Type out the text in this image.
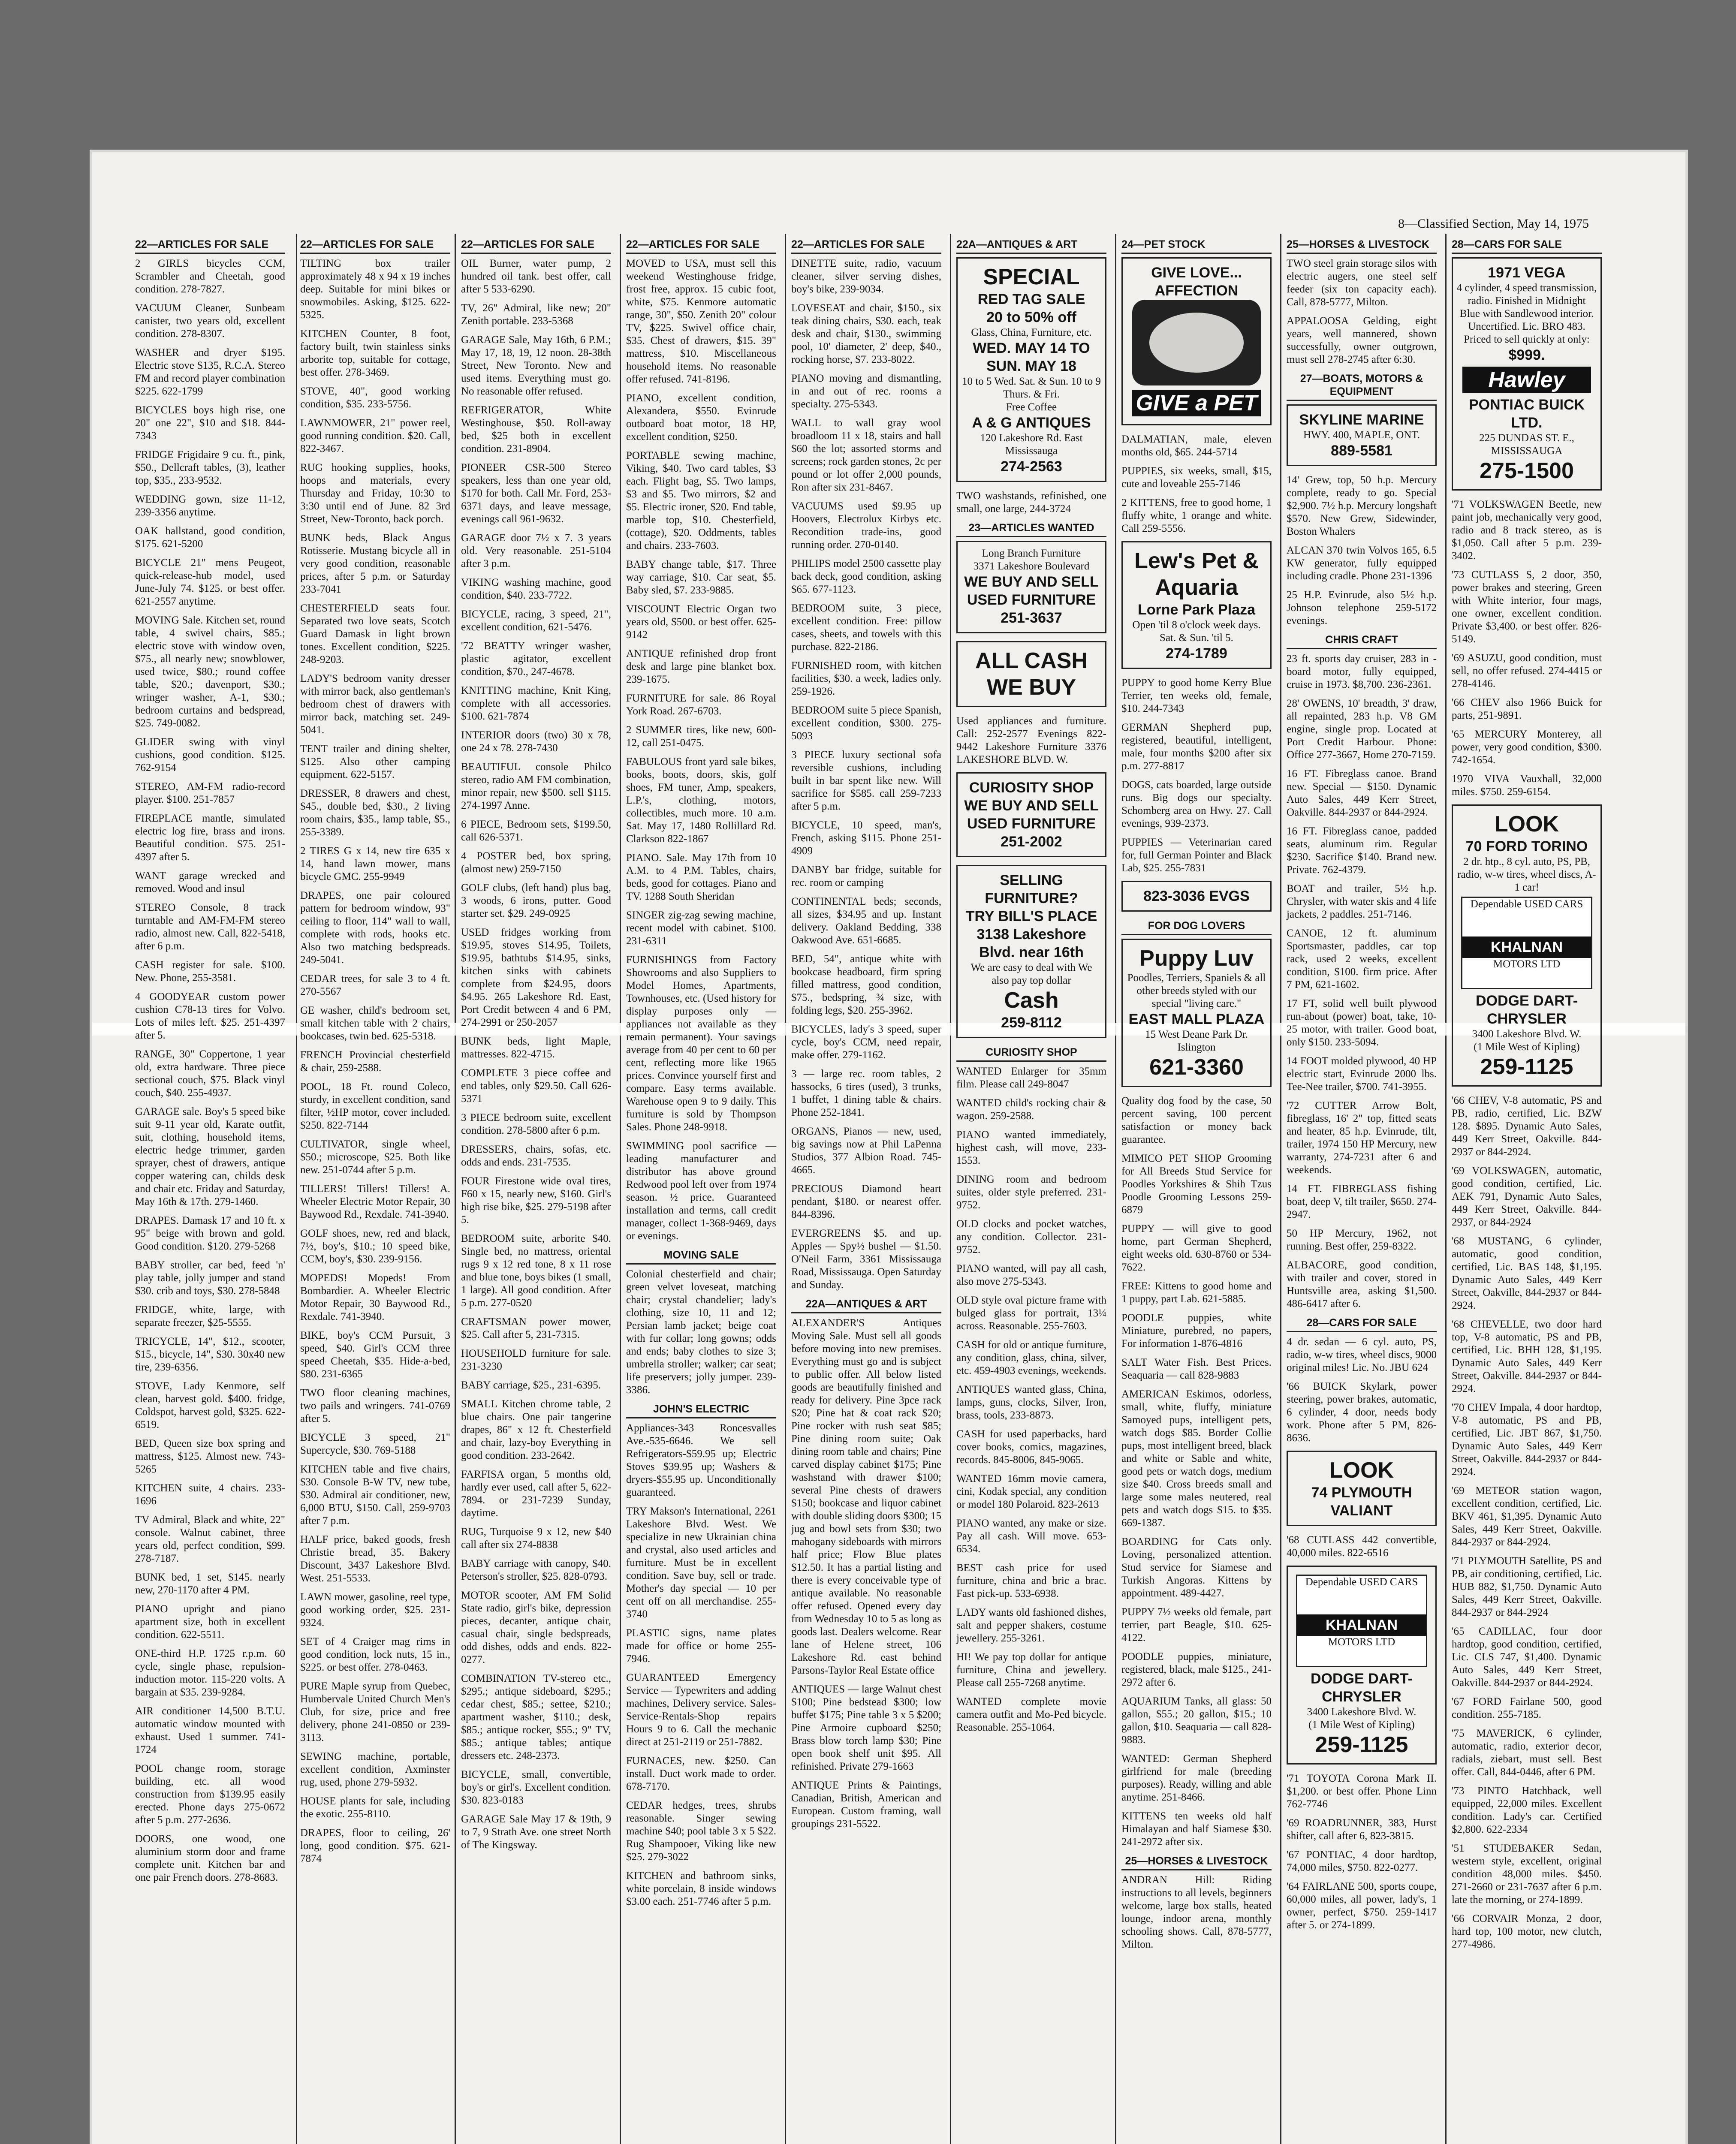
8—Classified Section, May 14, 1975
22—ARTICLES FOR SALE
2 GIRLS bicycles CCM, Scrambler and Cheetah, good condition. 278-7827.
VACUUM Cleaner, Sunbeam canister, two years old, excellent condition. 278-8307.
WASHER and dryer $195. Electric stove $135, R.C.A. Stereo FM and record player combination $225. 622-1799
BICYCLES boys high rise, one 20" one 22", $10 and $18. 844-7343
FRIDGE Frigidaire 9 cu. ft., pink, $50., Dellcraft tables, (3), leather top, $35., 233-9532.
WEDDING gown, size 11-12, 239-3356 anytime.
OAK hallstand, good condition, $175. 621-5200
BICYCLE 21" mens Peugeot, quick-release-hub model, used June-July 74. $125. or best offer. 621-2557 anytime.
MOVING Sale. Kitchen set, round table, 4 swivel chairs, $85.; electric stove with window oven, $75., all nearly new; snowblower, used twice, $80.; round coffee table, $20.; davenport, $30.; wringer washer, A-1, $30.; bedroom curtains and bedspread, $25. 749-0082.
GLIDER swing with vinyl cushions, good condition. $125. 762-9154
STEREO, AM-FM radio-record player. $100. 251-7857
FIREPLACE mantle, simulated electric log fire, brass and irons. Beautiful condition. $75. 251-4397 after 5.
WANT garage wrecked and removed. Wood and insul
STEREO Console, 8 track turntable and AM-FM-FM stereo radio, almost new. Call, 822-5418, after 6 p.m.
CASH register for sale. $100. New. Phone, 255-3581.
4 GOODYEAR custom power cushion C78-13 tires for Volvo. Lots of miles left. $25. 251-4397 after 5.
RANGE, 30" Coppertone, 1 year old, extra hardware. Three piece sectional couch, $75. Black vinyl couch, $40. 255-4937.
GARAGE sale. Boy's 5 speed bike suit 9-11 year old, Karate outfit, suit, clothing, household items, electric hedge trimmer, garden sprayer, chest of drawers, antique copper watering can, childs desk and chair etc. Friday and Saturday, May 16th & 17th. 279-1460.
DRAPES. Damask 17 and 10 ft. x 95" beige with brown and gold. Good condition. $120. 279-5268
BABY stroller, car bed, feed 'n' play table, jolly jumper and stand $30. crib and toys, $30. 278-5848
FRIDGE, white, large, with separate freezer, $25-5555.
TRICYCLE, 14", $12., scooter, $15., bicycle, 14", $30. 30x40 new tire, 239-6356.
STOVE, Lady Kenmore, self clean, harvest gold. $400. fridge, Coldspot, harvest gold, $325. 622-6519.
BED, Queen size box spring and mattress, $125. Almost new. 743-5265
KITCHEN suite, 4 chairs. 233-1696
TV Admiral, Black and white, 22" console. Walnut cabinet, three years old, perfect condition, $99. 278-7187.
BUNK bed, 1 set, $145. nearly new, 270-1170 after 4 PM.
PIANO upright and piano apartment size, both in excellent condition. 622-5511.
ONE-third H.P. 1725 r.p.m. 60 cycle, single phase, repulsion-induction motor. 115-220 volts. A bargain at $35. 239-9284.
AIR conditioner 14,500 B.T.U. automatic window mounted with exhaust. Used 1 summer. 741-1724
POOL change room, storage building, etc. all wood construction from $139.95 easily erected. Phone days 275-0672 after 5 p.m. 277-2636.
DOORS, one wood, one aluminium storm door and frame complete unit. Kitchen bar and one pair French doors. 278-8683.
22—ARTICLES FOR SALE
TILTING box trailer approximately 48 x 94 x 19 inches deep. Suitable for mini bikes or snowmobiles. Asking, $125. 622-5325.
KITCHEN Counter, 8 foot, factory built, twin stainless sinks arborite top, suitable for cottage, best offer. 278-3469.
STOVE, 40", good working condition, $35. 233-5756.
LAWNMOWER, 21" power reel, good running condition. $20. Call, 822-3467.
RUG hooking supplies, hooks, hoops and materials, every Thursday and Friday, 10:30 to 3:30 until end of June. 82 3rd Street, New-Toronto, back porch.
BUNK beds, Black Angus Rotisserie. Mustang bicycle all in very good condition, reasonable prices, after 5 p.m. or Saturday 233-7041
CHESTERFIELD seats four. Separated two love seats, Scotch Guard Damask in light brown tones. Excellent condition, $225. 248-9203.
LADY'S bedroom vanity dresser with mirror back, also gentleman's bedroom chest of drawers with mirror back, matching set. 249-5041.
TENT trailer and dining shelter, $125. Also other camping equipment. 622-5157.
DRESSER, 8 drawers and chest, $45., double bed, $30., 2 living room chairs, $35., lamp table, $5., 255-3389.
2 TIRES G x 14, new tire 635 x 14, hand lawn mower, mans bicycle GMC. 255-9949
DRAPES, one pair coloured pattern for bedroom window, 93" ceiling to floor, 114" wall to wall, complete with rods, hooks etc. Also two matching bedspreads. 249-5041.
CEDAR trees, for sale 3 to 4 ft. 270-5567
GE washer, child's bedroom set, small kitchen table with 2 chairs, bookcases, twin bed. 625-5318.
FRENCH Provincial chesterfield & chair, 259-2588.
POOL, 18 Ft. round Coleco, sturdy, in excellent condition, sand filter, ½HP motor, cover included. $250. 822-7144
CULTIVATOR, single wheel, $50.; microscope, $25. Both like new. 251-0744 after 5 p.m.
TILLERS! Tillers! Tillers! A. Wheeler Electric Motor Repair, 30 Baywood Rd., Rexdale. 741-3940.
GOLF shoes, new, red and black, 7½, boy's, $10.; 10 speed bike, CCM, boy's, $30. 239-9156.
MOPEDS! Mopeds! From Bombardier. A. Wheeler Electric Motor Repair, 30 Baywood Rd., Rexdale. 741-3940.
BIKE, boy's CCM Pursuit, 3 speed, $40. Girl's CCM three speed Cheetah, $35. Hide-a-bed, $80. 231-6365
TWO floor cleaning machines, two pails and wringers. 741-0769 after 5.
BICYCLE 3 speed, 21" Supercycle, $30. 769-5188
KITCHEN table and five chairs, $30. Console B-W TV, new tube, $30. Admiral air conditioner, new, 6,000 BTU, $150. Call, 259-9703 after 7 p.m.
HALF price, baked goods, fresh Christie bread, 35. Bakery Discount, 3437 Lakeshore Blvd. West. 251-5533.
LAWN mower, gasoline, reel type, good working order, $25. 231-9324.
SET of 4 Craiger mag rims in good condition, lock nuts, 15 in., $225. or best offer. 278-0463.
PURE Maple syrup from Quebec, Humbervale United Church Men's Club, for size, price and free delivery, phone 241-0850 or 239-3113.
SEWING machine, portable, excellent condition, Axminster rug, used, phone 279-5932.
HOUSE plants for sale, including the exotic. 255-8110.
DRAPES, floor to ceiling, 26' long, good condition. $75. 621-7874
22—ARTICLES FOR SALE
OIL Burner, water pump, 2 hundred oil tank. best offer, call after 5 533-6290.
TV, 26" Admiral, like new; 20" Zenith portable. 233-5368
GARAGE Sale, May 16th, 6 P.M.; May 17, 18, 19, 12 noon. 28-38th Street, New Toronto. New and used items. Everything must go. No reasonable offer refused.
REFRIGERATOR, White Westinghouse, $50. Roll-away bed, $25 both in excellent condition. 231-8904.
PIONEER CSR-500 Stereo speakers, less than one year old, $170 for both. Call Mr. Ford, 253-6371 days, and leave message, evenings call 961-9632.
GARAGE door 7½ x 7. 3 years old. Very reasonable. 251-5104 after 3 p.m.
VIKING washing machine, good condition, $40. 233-7722.
BICYCLE, racing, 3 speed, 21", excellent condition, 621-5476.
'72 BEATTY wringer washer, plastic agitator, excellent condition, $70., 247-4678.
KNITTING machine, Knit King, complete with all accessories. $100. 621-7874
INTERIOR doors (two) 30 x 78, one 24 x 78. 278-7430
BEAUTIFUL console Philco stereo, radio AM FM combination, minor repair, new $500. sell $115. 274-1997 Anne.
6 PIECE, Bedroom sets, $199.50, call 626-5371.
4 POSTER bed, box spring, (almost new) 259-7150
GOLF clubs, (left hand) plus bag, 3 woods, 6 irons, putter. Good starter set. $29. 249-0925
USED fridges working from $19.95, stoves $14.95, Toilets, $19.95, bathtubs $14.95, sinks, kitchen sinks with cabinets complete from $24.95, doors $4.95. 265 Lakeshore Rd. East, Port Credit between 4 and 6 PM, 274-2991 or 250-2057
BUNK beds, light Maple, mattresses. 822-4715.
COMPLETE 3 piece coffee and end tables, only $29.50. Call 626-5371
3 PIECE bedroom suite, excellent condition. 278-5800 after 6 p.m.
DRESSERS, chairs, sofas, etc. odds and ends. 231-7535.
FOUR Firestone wide oval tires, F60 x 15, nearly new, $160. Girl's high rise bike, $25. 279-5198 after 5.
BEDROOM suite, arborite $40. Single bed, no mattress, oriental rugs 9 x 12 red tone, 8 x 11 rose and blue tone, boys bikes (1 small, 1 large). All good condition. After 5 p.m. 277-0520
CRAFTSMAN power mower, $25. Call after 5, 231-7315.
HOUSEHOLD furniture for sale. 231-3230
BABY carriage, $25., 231-6395.
SMALL Kitchen chrome table, 2 blue chairs. One pair tangerine drapes, 86" x 12 ft. Chesterfield and chair, lazy-boy Everything in good condition. 233-2642.
FARFISA organ, 5 months old, hardly ever used, call after 5, 622-7894. or 231-7239 Sunday, daytime.
RUG, Turquoise 9 x 12, new $40 call after six 274-8838
BABY carriage with canopy, $40. Peterson's stroller, $25. 828-0793.
MOTOR scooter, AM FM Solid State radio, girl's bike, depression pieces, decanter, antique chair, casual chair, single bedspreads, odd dishes, odds and ends. 822-0277.
COMBINATION TV-stereo etc., $295.; antique sideboard, $295.; cedar chest, $85.; settee, $210.; apartment washer, $110.; desk, $85.; antique rocker, $55.; 9" TV, $85.; antique tables; antique dressers etc. 248-2373.
BICYCLE, small, convertible, boy's or girl's. Excellent condition. $30. 823-0183
GARAGE Sale May 17 & 19th, 9 to 7, 9 Strath Ave. one street North of The Kingsway.
22—ARTICLES FOR SALE
MOVED to USA, must sell this weekend Westinghouse fridge, frost free, approx. 15 cubic foot, white, $75. Kenmore automatic range, 30", $50. Zenith 20" colour TV, $225. Swivel office chair, $35. Chest of drawers, $15. 39" mattress, $10. Miscellaneous household items. No reasonable offer refused. 741-8196.
PIANO, excellent condition, Alexandera, $550. Evinrude outboard boat motor, 18 HP, excellent condition, $250.
PORTABLE sewing machine, Viking, $40. Two card tables, $3 each. Flight bag, $5. Two lamps, $3 and $5. Two mirrors, $2 and $5. Electric ironer, $20. End table, marble top, $10. Chesterfield, (cottage), $20. Oddments, tables and chairs. 233-7603.
BABY change table, $17. Three way carriage, $10. Car seat, $5. Baby sled, $7. 233-9885.
VISCOUNT Electric Organ two years old, $500. or best offer. 625-9142
ANTIQUE refinished drop front desk and large pine blanket box. 239-1675.
FURNITURE for sale. 86 Royal York Road. 267-6703.
2 SUMMER tires, like new, 600-12, call 251-0475.
FABULOUS front yard sale bikes, books, boots, doors, skis, golf shoes, FM tuner, Amp, speakers, L.P.'s, clothing, motors, collectibles, much more. 10 a.m. Sat. May 17, 1480 Rollillard Rd. Clarkson 822-1867
PIANO. Sale. May 17th from 10 A.M. to 4 P.M. Tables, chairs, beds, good for cottages. Piano and TV. 1288 South Sheridan
SINGER zig-zag sewing machine, recent model with cabinet. $100. 231-6311
FURNISHINGS from Factory Showrooms and also Suppliers to Model Homes, Apartments, Townhouses, etc. (Used history for display purposes only — appliances not available as they remain permanent). Your savings average from 40 per cent to 60 per cent, reflecting more like 1965 prices. Convince yourself first and compare. Easy terms available. Warehouse open 9 to 9 daily. This furniture is sold by Thompson Sales. Phone 248-9918.
SWIMMING pool sacrifice — leading manufacturer and distributor has above ground Redwood pool left over from 1974 season. ½ price. Guaranteed installation and terms, call credit manager, collect 1-368-9469, days or evenings.
MOVING SALE
Colonial chesterfield and chair; green velvet loveseat, matching chair; crystal chandelier; lady's clothing, size 10, 11 and 12; Persian lamb jacket; beige coat with fur collar; long gowns; odds and ends; baby clothes to size 3; umbrella stroller; walker; car seat; life preservers; jolly jumper. 239-3386.
JOHN'S ELECTRIC
Appliances-343 Roncesvalles Ave.-535-6646. We sell Refrigerators-$59.95 up; Electric Stoves $39.95 up; Washers & dryers-$55.95 up. Unconditionally guaranteed.
TRY Makson's International, 2261 Lakeshore Blvd. West. We specialize in new Ukrainian china and crystal, also used articles and furniture. Must be in excellent condition. Save buy, sell or trade. Mother's day special — 10 per cent off on all merchandise. 255-3740
PLASTIC signs, name plates made for office or home 255-7946.
GUARANTEED Emergency Service — Typewriters and adding machines, Delivery service. Sales-Service-Rentals-Shop repairs Hours 9 to 6. Call the mechanic direct at 251-2119 or 251-7882.
FURNACES, new. $250. Can install. Duct work made to order. 678-7170.
CEDAR hedges, trees, shrubs reasonable. Singer sewing machine $40; pool table 3 x 5 $22. Rug Shampooer, Viking like new $25. 279-3022
KITCHEN and bathroom sinks, white porcelain, 8 inside windows $3.00 each. 251-7746 after 5 p.m.
22—ARTICLES FOR SALE
DINETTE suite, radio, vacuum cleaner, silver serving dishes, boy's bike, 239-9034.
LOVESEAT and chair, $150., six teak dining chairs, $30. each, teak desk and chair, $130., swimming pool, 10' diameter, 2' deep, $40., rocking horse, $7. 233-8022.
PIANO moving and dismantling, in and out of rec. rooms a specialty. 275-5343.
WALL to wall gray wool broadloom 11 x 18, stairs and hall $60 the lot; assorted storms and screens; rock garden stones, 2c per pound or lot offer 2,000 pounds, Ron after six 231-8467.
VACUUMS used $9.95 up Hoovers, Electrolux Kirbys etc. Recondition trade-ins, good running order. 270-0140.
PHILIPS model 2500 cassette play back deck, good condition, asking $65. 677-1123.
BEDROOM suite, 3 piece, excellent condition. Free: pillow cases, sheets, and towels with this purchase. 822-2186.
FURNISHED room, with kitchen facilities, $30. a week, ladies only. 259-1926.
BEDROOM suite 5 piece Spanish, excellent condition, $300. 275-5093
3 PIECE luxury sectional sofa reversible cushions, including built in bar spent like new. Will sacrifice for $585. call 259-7233 after 5 p.m.
BICYCLE, 10 speed, man's, French, asking $115. Phone 251-4909
DANBY bar fridge, suitable for rec. room or camping
CONTINENTAL beds; seconds, all sizes, $34.95 and up. Instant delivery. Oakland Bedding, 338 Oakwood Ave. 651-6685.
BED, 54", antique white with bookcase headboard, firm spring filled mattress, good condition, $75., bedspring, ¾ size, with folding legs, $20. 255-3962.
BICYCLES, lady's 3 speed, super cycle, boy's CCM, need repair, make offer. 279-1162.
3 — large rec. room tables, 2 hassocks, 6 tires (used), 3 trunks, 1 buffet, 1 dining table & chairs. Phone 252-1841.
ORGANS, Pianos — new, used, big savings now at Phil LaPenna Studios, 377 Albion Road. 745-4665.
PRECIOUS Diamond heart pendant, $180. or nearest offer. 844-8396.
EVERGREENS $5. and up. Apples — Spy½ bushel — $1.50. O'Neil Farm, 3361 Mississauga Road, Mississauga. Open Saturday and Sunday.
22A—ANTIQUES & ART
ALEXANDER'S Antiques Moving Sale. Must sell all goods before moving into new premises. Everything must go and is subject to public offer. All below listed goods are beautifully finished and ready for delivery. Pine 3pce rack $20; Pine hat & coat rack $20; Pine rocker with rush seat $85; Pine dining room suite; Oak dining room table and chairs; Pine carved display cabinet $175; Pine washstand with drawer $100; several Pine chests of drawers $150; bookcase and liquor cabinet with double sliding doors $300; 15 jug and bowl sets from $30; two mahogany sideboards with mirrors half price; Flow Blue plates $12.50. It has a partial listing and there is every conceivable type of antique available. No reasonable offer refused. Opened every day from Wednesday 10 to 5 as long as goods last. Dealers welcome. Rear lane of Helene street, 106 Lakeshore Rd. east behind Parsons-Taylor Real Estate office
ANTIQUES — large Walnut chest $100; Pine bedstead $300; low buffet $175; Pine table 3 x 5 $200; Pine Armoire cupboard $250; Brass blow torch lamp $30; Pine open book shelf unit $95. All refinished. Private 279-1663
ANTIQUE Prints & Paintings, Canadian, British, American and European. Custom framing, wall groupings 231-5522.
22A—ANTIQUES & ART
SPECIAL
RED TAG SALE
20 to 50% off
Glass, China, Furniture, etc.
WED. MAY 14 TO SUN. MAY 18
10 to 5 Wed. Sat. & Sun. 10 to 9 Thurs. & Fri.
Free Coffee
A & G ANTIQUES
120 Lakeshore Rd. East Mississauga
274-2563
TWO washstands, refinished, one small, one large, 244-3724
23—ARTICLES WANTED
Long Branch Furniture
3371 Lakeshore Boulevard
WE BUY AND SELL USED FURNITURE
251-3637
ALL CASH
WE BUY
Used appliances and furniture. Call: 252-2577 Evenings 822-9442 Lakeshore Furniture 3376 LAKESHORE BLVD. W.
CURIOSITY SHOP
WE BUY AND SELL USED FURNITURE
251-2002
SELLING FURNITURE?
TRY BILL'S PLACE
3138 Lakeshore Blvd. near 16th
We are easy to deal with We also pay top dollar
Cash
259-8112
CURIOSITY SHOP
WANTED Enlarger for 35mm film. Please call 249-8047
WANTED child's rocking chair & wagon. 259-2588.
PIANO wanted immediately, highest cash, will move, 233-1553.
DINING room and bedroom suites, older style preferred. 231-9752.
OLD clocks and pocket watches, any condition. Collector. 231-9752.
PIANO wanted, will pay all cash, also move 275-5343.
OLD style oval picture frame with bulged glass for portrait, 13¼ across. Reasonable. 255-7603.
CASH for old or antique furniture, any condition, glass, china, silver, etc. 459-4903 evenings, weekends.
ANTIQUES wanted glass, China, lamps, guns, clocks, Silver, Iron, brass, tools, 233-8873.
CASH for used paperbacks, hard cover books, comics, magazines, records. 845-8006, 845-9065.
WANTED 16mm movie camera, cini, Kodak special, any condition or model 180 Polaroid. 823-2613
PIANO wanted, any make or size. Pay all cash. Will move. 653-6534.
BEST cash price for used furniture, china and bric a brac. Fast pick-up. 533-6938.
LADY wants old fashioned dishes, salt and pepper shakers, costume jewellery. 255-3261.
HI! We pay top dollar for antique furniture, China and jewellery. Please call 255-7268 anytime.
WANTED complete movie camera outfit and Mo-Ped bicycle. Reasonable. 255-1064.
24—PET STOCK
GIVE LOVE... AFFECTION
GIVE a PET
DALMATIAN, male, eleven months old, $65. 244-5714
PUPPIES, six weeks, small, $15, cute and loveable 255-7146
2 KITTENS, free to good home, 1 fluffy white, 1 orange and white. Call 259-5556.
Lew's Pet & Aquaria
Lorne Park Plaza
Open 'til 8 o'clock week days. Sat. & Sun. 'til 5.
274-1789
PUPPY to good home Kerry Blue Terrier, ten weeks old, female, $10. 244-7343
GERMAN Shepherd pup, registered, beautiful, intelligent, male, four months $200 after six p.m. 277-8817
DOGS, cats boarded, large outside runs. Big dogs our specialty. Schomberg area on Hwy. 27. Call evenings, 939-2373.
PUPPIES — Veterinarian cared for, full German Pointer and Black Lab, $25. 255-7831
823-3036 EVGS
FOR DOG LOVERS
Puppy Luv
Poodles, Terriers, Spaniels & all other breeds styled with our special "living care."
EAST MALL PLAZA
15 West Deane Park Dr. Islington
621-3360
Quality dog food by the case, 50 percent saving, 100 percent satisfaction or money back guarantee.
MIMICO PET SHOP Grooming for All Breeds Stud Service for Poodles Yorkshires & Shih Tzus Poodle Grooming Lessons 259-6879
PUPPY — will give to good home, part German Shepherd, eight weeks old. 630-8760 or 534-7622.
FREE: Kittens to good home and 1 puppy, part Lab. 621-5885.
POODLE puppies, white Miniature, purebred, no papers, For information 1-876-4816
SALT Water Fish. Best Prices. Seaquaria — call 828-9883
AMERICAN Eskimos, odorless, small, white, fluffy, miniature Samoyed pups, intelligent pets, watch dogs $85. Border Collie pups, most intelligent breed, black and white or Sable and white, good pets or watch dogs, medium size $40. Cross breeds small and large some males neutered, real pets and watch dogs $15. to $35. 669-1387.
BOARDING for Cats only. Loving, personalized attention. Stud service for Siamese and Turkish Angoras. Kittens by appointment. 489-4427.
PUPPY 7½ weeks old female, part terrier, part Beagle, $10. 625-4122.
POODLE puppies, miniature, registered, black, male $125., 241-2972 after 6.
AQUARIUM Tanks, all glass: 50 gallon, $55.; 20 gallon, $15.; 10 gallon, $10. Seaquaria — call 828-9883.
WANTED: German Shepherd girlfriend for male (breeding purposes). Ready, willing and able anytime. 251-8466.
KITTENS ten weeks old half Himalayan and half Siamese $30. 241-2972 after six.
25—HORSES & LIVESTOCK
ANDRAN Hill: Riding instructions to all levels, beginners welcome, large box stalls, heated lounge, indoor arena, monthly schooling shows. Call, 878-5777, Milton.
25—HORSES & LIVESTOCK
TWO steel grain storage silos with electric augers, one steel self feeder (six ton capacity each). Call, 878-5777, Milton.
APPALOOSA Gelding, eight years, well mannered, shown successfully, owner outgrown, must sell 278-2745 after 6:30.
27—BOATS, MOTORS & EQUIPMENT
SKYLINE MARINE
HWY. 400, MAPLE, ONT.
889-5581
14' Grew, top, 50 h.p. Mercury complete, ready to go. Special $2,900. 7½ h.p. Mercury longshaft $570. New Grew, Sidewinder, Boston Whalers
ALCAN 370 twin Volvos 165, 6.5 KW generator, fully equipped including cradle. Phone 231-1396
25 H.P. Evinrude, also 5½ h.p. Johnson telephone 259-5172 evenings.
CHRIS CRAFT
23 ft. sports day cruiser, 283 in - board motor, fully equipped, cruise in 1973. $8,700. 236-2361.
28' OWENS, 10' breadth, 3' draw, all repainted, 283 h.p. V8 GM engine, single prop. Located at Port Credit Harbour. Phone: Office 277-3667, Home 270-7159.
16 FT. Fibreglass canoe. Brand new. Special — $150. Dynamic Auto Sales, 449 Kerr Street, Oakville. 844-2937 or 844-2924.
16 FT. Fibreglass canoe, padded seats, aluminum rim. Regular $230. Sacrifice $140. Brand new. Private. 762-4379.
BOAT and trailer, 5½ h.p. Chrysler, with water skis and 4 life jackets, 2 paddles. 251-7146.
CANOE, 12 ft. aluminum Sportsmaster, paddles, car top rack, used 2 weeks, excellent condition, $100. firm price. After 7 PM, 621-1602.
17 FT, solid well built plywood run-about (power) boat, take, 10-25 motor, with trailer. Good boat, only $150. 233-5094.
14 FOOT molded plywood, 40 HP electric start, Evinrude 2000 lbs. Tee-Nee trailer, $700. 741-3955.
'72 CUTTER Arrow Bolt, fibreglass, 16' 2" top, fitted seats and heater, 85 h.p. Evinrude, tilt, trailer, 1974 150 HP Mercury, new warranty, 274-7231 after 6 and weekends.
14 FT. FIBREGLASS fishing boat, deep V, tilt trailer, $650. 274-2947.
50 HP Mercury, 1962, not running. Best offer, 259-8322.
ALBACORE, good condition, with trailer and cover, stored in Huntsville area, asking $1,500. 486-6417 after 6.
28—CARS FOR SALE
4 dr. sedan — 6 cyl. auto, PS, radio, w-w tires, wheel discs, 9000 original miles! Lic. No. JBU 624
'66 BUICK Skylark, power steering, power brakes, automatic, 6 cylinder, 4 door, needs body work. Phone after 5 PM, 826-8636.
LOOK
74 PLYMOUTH VALIANT
'68 CUTLASS 442 convertible, 40,000 miles. 822-6516
Dependable USED CARS
KHALNAN
MOTORS LTD
DODGE DART-CHRYSLER
3400 Lakeshore Blvd. W.
(1 Mile West of Kipling)
259-1125
'71 TOYOTA Corona Mark II. $1,200. or best offer. Phone Linn 762-7746
'69 ROADRUNNER, 383, Hurst shifter, call after 6, 823-3815.
'67 PONTIAC, 4 door hardtop, 74,000 miles, $750. 822-0277.
'64 FAIRLANE 500, sports coupe, 60,000 miles, all power, lady's, 1 owner, perfect, $750. 259-1417 after 5. or 274-1899.
28—CARS FOR SALE
1971 VEGA
4 cylinder, 4 speed transmission, radio. Finished in Midnight Blue with Sandlewood interior. Uncertified. Lic. BRO 483. Priced to sell quickly at only:
$999.
Hawley
PONTIAC BUICK LTD.
225 DUNDAS ST. E., MISSISSAUGA
275-1500
'71 VOLKSWAGEN Beetle, new paint job, mechanically very good, radio and 8 track stereo, as is $1,050. Call after 5 p.m. 239-3402.
'73 CUTLASS S, 2 door, 350, power brakes and steering, Green with White interior, four mags, one owner, excellent condition. Private $3,400. or best offer. 826-5149.
'69 ASUZU, good condition, must sell, no offer refused. 274-4415 or 278-4146.
'66 CHEV also 1966 Buick for parts, 251-9891.
'65 MERCURY Monterey, all power, very good condition, $300. 742-1654.
1970 VIVA Vauxhall, 32,000 miles. $750. 259-6154.
LOOK
70 FORD TORINO
2 dr. htp., 8 cyl. auto, PS, PB, radio, w-w tires, wheel discs, A-1 car!
Dependable USED CARS
KHALNAN
MOTORS LTD
DODGE DART-CHRYSLER
3400 Lakeshore Blvd. W.
(1 Mile West of Kipling)
259-1125
'66 CHEV, V-8 automatic, PS and PB, radio, certified, Lic. BZW 128. $895. Dynamic Auto Sales, 449 Kerr Street, Oakville. 844-2937 or 844-2924.
'69 VOLKSWAGEN, automatic, good condition, certified, Lic. AEK 791, Dynamic Auto Sales, 449 Kerr Street, Oakville. 844-2937, or 844-2924
'68 MUSTANG, 6 cylinder, automatic, good condition, certified, Lic. BAS 148, $1,195. Dynamic Auto Sales, 449 Kerr Street, Oakville, 844-2937 or 844-2924.
'68 CHEVELLE, two door hard top, V-8 automatic, PS and PB, certified, Lic. BHH 128, $1,195. Dynamic Auto Sales, 449 Kerr Street, Oakville. 844-2937 or 844-2924.
'70 CHEV Impala, 4 door hardtop, V-8 automatic, PS and PB, certified, Lic. JBT 867, $1,750. Dynamic Auto Sales, 449 Kerr Street, Oakville. 844-2937 or 844-2924.
'69 METEOR station wagon, excellent condition, certified, Lic. BKV 461, $1,395. Dynamic Auto Sales, 449 Kerr Street, Oakville. 844-2937 or 844-2924.
'71 PLYMOUTH Satellite, PS and PB, air conditioning, certified, Lic. HUB 882, $1,750. Dynamic Auto Sales, 449 Kerr Street, Oakville. 844-2937 or 844-2924
'65 CADILLAC, four door hardtop, good condition, certified, Lic. CLS 747, $1,400. Dynamic Auto Sales, 449 Kerr Street, Oakville. 844-2937 or 844-2924.
'67 FORD Fairlane 500, good condition. 255-7185.
'75 MAVERICK, 6 cylinder, automatic, radio, exterior decor, radials, ziebart, must sell. Best offer. Call, 844-0446, after 6 PM.
'73 PINTO Hatchback, well equipped, 22,000 miles. Excellent condition. Lady's car. Certified $2,800. 622-2334
'51 STUDEBAKER Sedan, western style, excellent, original condition 48,000 miles. $450. 271-2660 or 231-7637 after 6 p.m. late the morning, or 274-1899.
'66 CORVAIR Monza, 2 door, hard top, 100 motor, new clutch, 277-4986.
